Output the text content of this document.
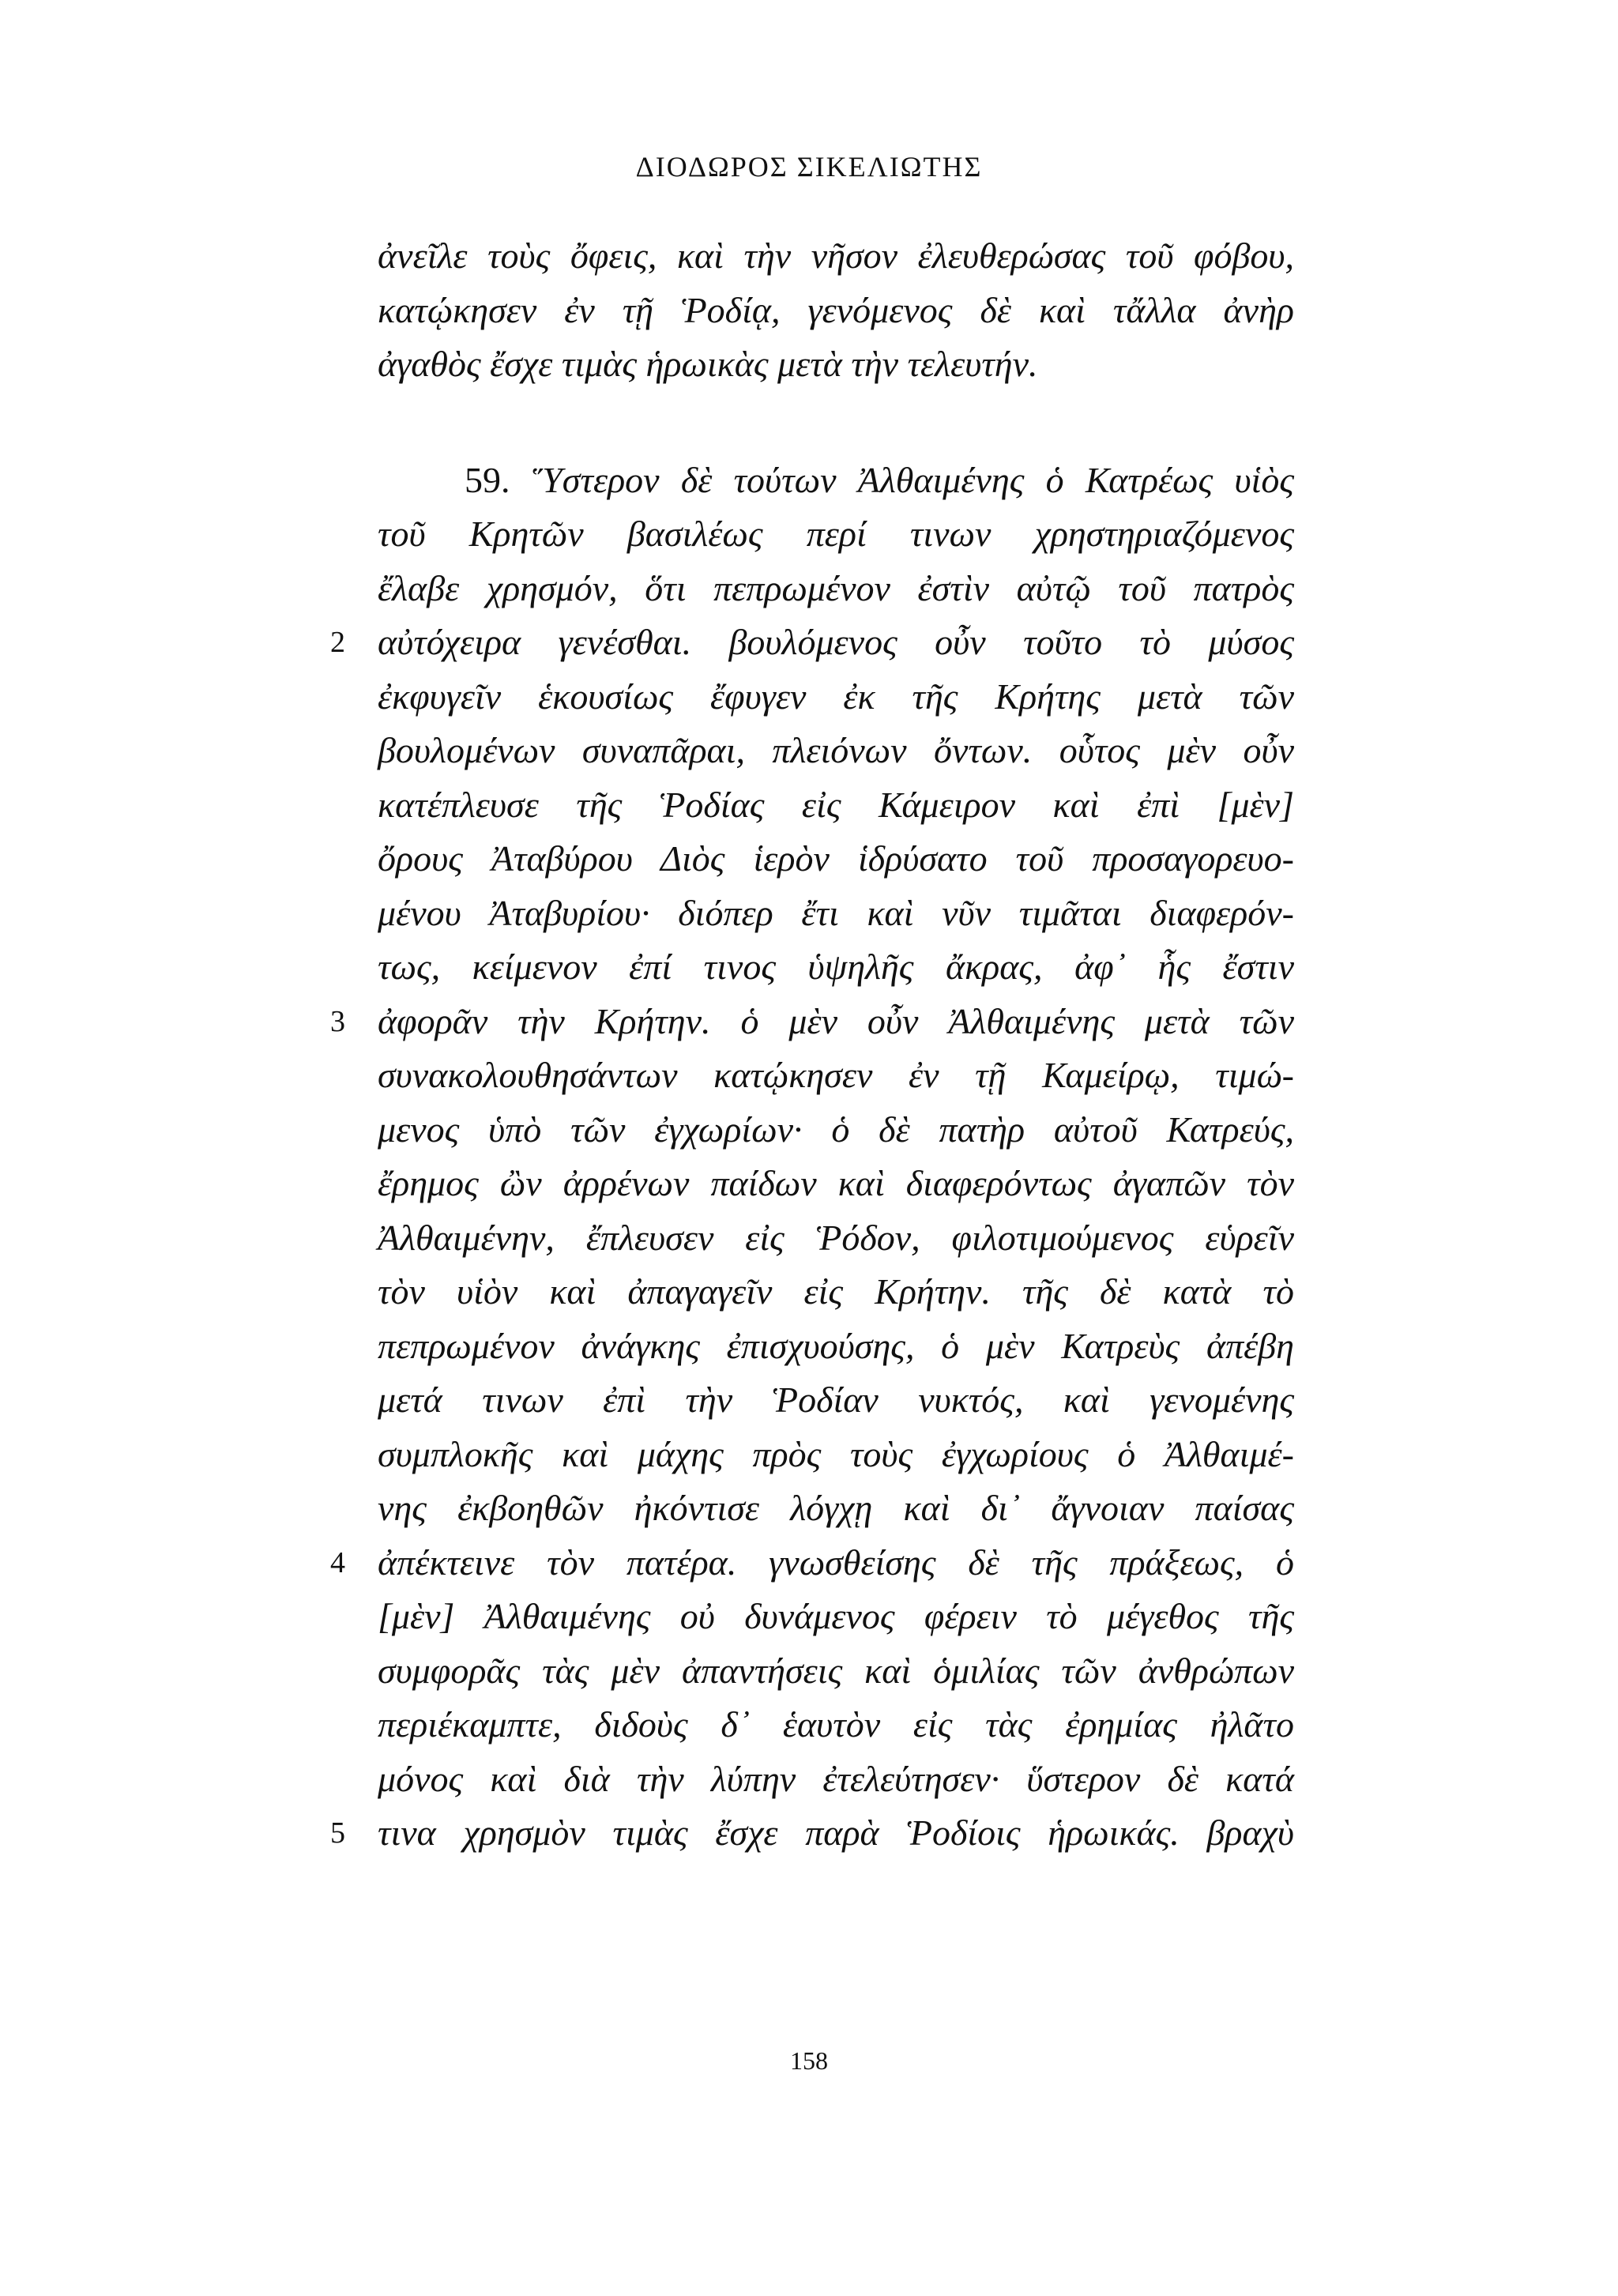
ΔΙΟΔΩΡΟΣ ΣΙΚΕΛΙΩΤΗΣ
ἀνεῖλε τοὺς ὄφεις, καὶ τὴν νῆσον ἐλευθερώσας τοῦ φόβου,
κατῴκησεν ἐν τῇ Ῥοδίᾳ, γενόμενος δὲ καὶ τἄλλα ἀνὴρ
ἀγαθὸς ἔσχε τιμὰς ἡρωικὰς μετὰ τὴν τελευτήν.
59. Ὕστερον δὲ τούτων Ἀλθαιμένης ὁ Κατρέως υἱὸς
τοῦ Κρητῶν βασιλέως περί τινων χρηστηριαζόμενος
ἔλαβε χρησμόν, ὅτι πεπρωμένον ἐστὶν αὐτῷ τοῦ πατρὸς
2 αὐτόχειρα γενέσθαι. βουλόμενος οὖν τοῦτο τὸ μύσος
ἐκφυγεῖν ἑκουσίως ἔφυγεν ἐκ τῆς Κρήτης μετὰ τῶν
βουλομένων συναπᾶραι, πλειόνων ὄντων. οὗτος μὲν οὖν
κατέπλευσε τῆς Ῥοδίας εἰς Κάμειρον καὶ ἐπὶ [μὲν]
ὄρους Ἀταβύρου Διὸς ἱερὸν ἱδρύσατο τοῦ προσαγορευο-
μένου Ἀταβυρίου· διόπερ ἔτι καὶ νῦν τιμᾶται διαφερόν-
τως, κείμενον ἐπί τινος ὑψηλῆς ἄκρας, ἀφ᾽ ἧς ἔστιν
3 ἀφορᾶν τὴν Κρήτην. ὁ μὲν οὖν Ἀλθαιμένης μετὰ τῶν
συνακολουθησάντων κατῴκησεν ἐν τῇ Καμείρῳ, τιμώ-
μενος ὑπὸ τῶν ἐγχωρίων· ὁ δὲ πατὴρ αὐτοῦ Κατρεύς,
ἔρημος ὢν ἀρρένων παίδων καὶ διαφερόντως ἀγαπῶν τὸν
Ἀλθαιμένην, ἔπλευσεν εἰς Ῥόδον, φιλοτιμούμενος εὑρεῖν
τὸν υἱὸν καὶ ἀπαγαγεῖν εἰς Κρήτην. τῆς δὲ κατὰ τὸ
πεπρωμένον ἀνάγκης ἐπισχυούσης, ὁ μὲν Κατρεὺς ἀπέβη
μετά τινων ἐπὶ τὴν Ῥοδίαν νυκτός, καὶ γενομένης
συμπλοκῆς καὶ μάχης πρὸς τοὺς ἐγχωρίους ὁ Ἀλθαιμέ-
νης ἐκβοηθῶν ἠκόντισε λόγχῃ καὶ δι᾽ ἄγνοιαν παίσας
4 ἀπέκτεινε τὸν πατέρα. γνωσθείσης δὲ τῆς πράξεως, ὁ
[μὲν] Ἀλθαιμένης οὐ δυνάμενος φέρειν τὸ μέγεθος τῆς
συμφορᾶς τὰς μὲν ἀπαντήσεις καὶ ὁμιλίας τῶν ἀνθρώπων
περιέκαμπτε, διδοὺς δ᾽ ἑαυτὸν εἰς τὰς ἐρημίας ἠλᾶτο
μόνος καὶ διὰ τὴν λύπην ἐτελεύτησεν· ὕστερον δὲ κατά
5 τινα χρησμὸν τιμὰς ἔσχε παρὰ Ῥοδίοις ἡρωικάς. βραχὺ
158
